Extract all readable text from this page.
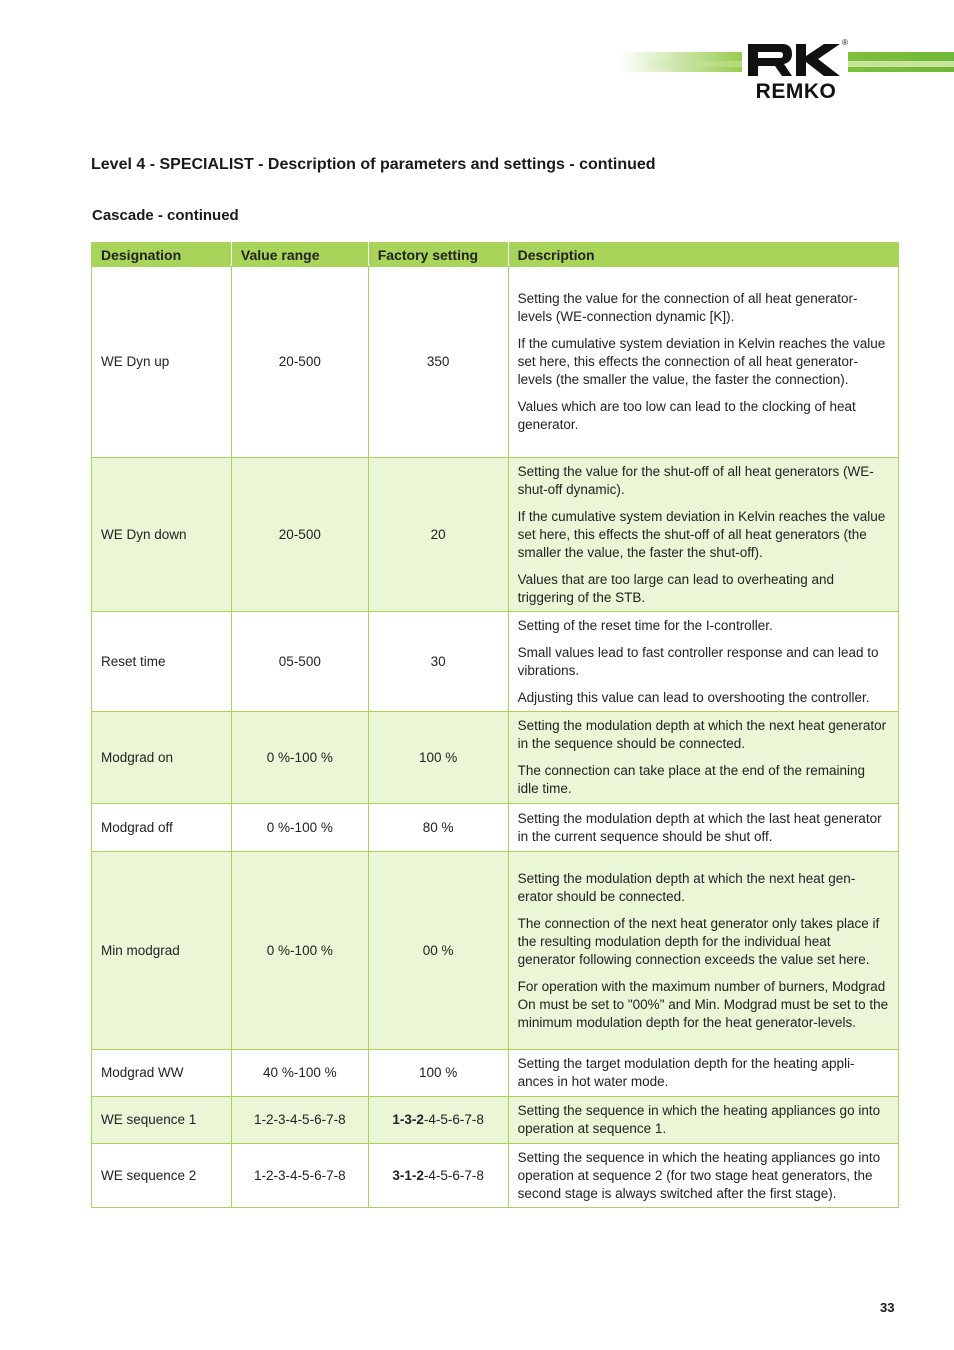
REMKO
®
Level 4 - SPECIALIST - Description of parameters and settings - continued
Cascade - continued
Designation	Value range	Factory setting	Description
WE Dyn up	20-500	350	Setting the value for the connection of all heat generator-levels (WE-connection dynamic [K]).

If the cumulative system deviation in Kelvin reaches the value set here, this effects the connection of all heat generator-levels (the smaller the value, the faster the connection).

Values which are too low can lead to the clocking of heat generator.

WE Dyn down	20-500	20	Setting the value for the shut-off of all heat generators (WE-shut-off dynamic).

If the cumulative system deviation in Kelvin reaches the value set here, this effects the shut-off of all heat generators (the smaller the value, the faster the shut-off).

Values that are too large can lead to overheating and triggering of the STB.

Reset time	05-500	30	Setting of the reset time for the I-controller.

Small values lead to fast controller response and can lead to vibrations.

Adjusting this value can lead to overshooting the controller.

Modgrad on	0 %-100 %	100 %	Setting the modulation depth at which the next heat generator in the sequence should be connected.

The connection can take place at the end of the remaining idle time.

Modgrad off	0 %-100 %	80 %	Setting the modulation depth at which the last heat generator in the current sequence should be shut off.

Min modgrad	0 %-100 %	00 %	Setting the modulation depth at which the next heat gen-erator should be connected.

The connection of the next heat generator only takes place if the resulting modulation depth for the individual heat generator following connection exceeds the value set here.

For operation with the maximum number of burners, Modgrad On must be set to "00%" and Min. Modgrad must be set to the minimum modulation depth for the heat generator-levels.

Modgrad WW	40 %-100 %	100 %	Setting the target modulation depth for the heating appli-ances in hot water mode.

WE sequence 1	1-2-3-4-5-6-7-8	1-3-2-4-5-6-7-8	Setting the sequence in which the heating appliances go into operation at sequence 1.

WE sequence 2	1-2-3-4-5-6-7-8	3-1-2-4-5-6-7-8	Setting the sequence in which the heating appliances go into operation at sequence 2 (for two stage heat generators, the second stage is always switched after the first stage).

33
